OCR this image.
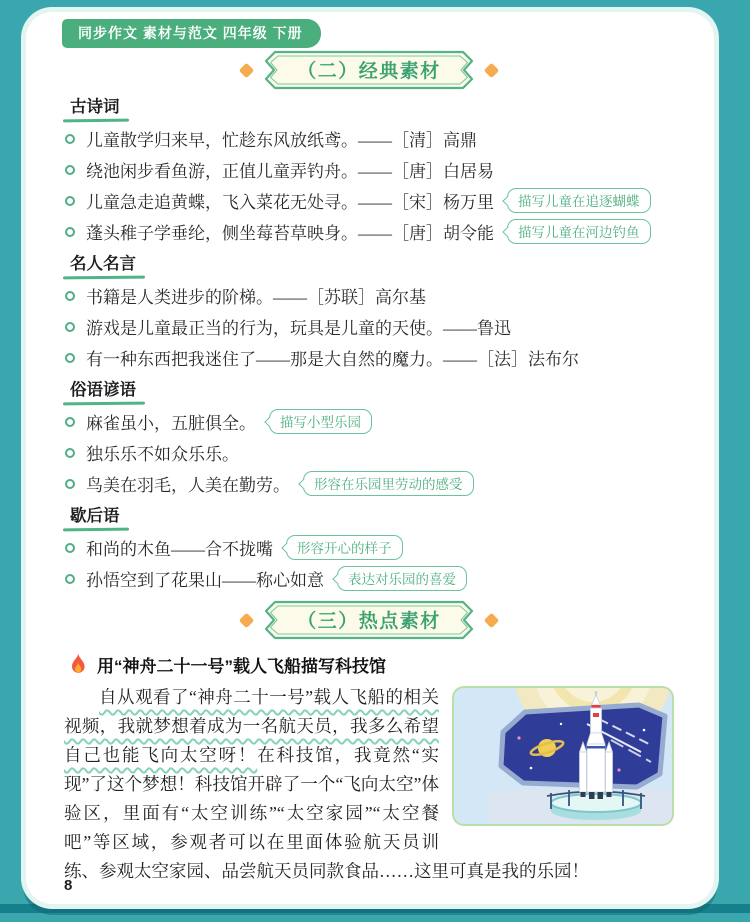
同步作文 素材与范文 四年级 下册
（二）经典素材
古诗词
儿童散学归来早，忙趁东风放纸鸢。——［清］高鼎
绕池闲步看鱼游，正值儿童弄钓舟。——［唐］白居易
儿童急走追黄蝶，飞入菜花无处寻。——［宋］杨万里	描写儿童在追逐蝴蝶
蓬头稚子学垂纶，侧坐莓苔草映身。——［唐］胡令能	描写儿童在河边钓鱼
名人名言
书籍是人类进步的阶梯。——［苏联］高尔基
游戏是儿童最正当的行为，玩具是儿童的天使。——鲁迅
有一种东西把我迷住了——那是大自然的魔力。——［法］法布尔
俗语谚语
麻雀虽小，五脏俱全。	描写小型乐园
独乐乐不如众乐乐。
鸟美在羽毛，人美在勤劳。	形容在乐园里劳动的感受
歇后语
和尚的木鱼——合不拢嘴	形容开心的样子
孙悟空到了花果山——称心如意	表达对乐园的喜爱
（三）热点素材
用“神舟二十一号”载人飞船描写科技馆
自从观看了“神舟二十一号”载人飞船的相关视频，我就梦想着成为一名航天员，我多么希望自己也能飞向太空呀！在科技馆，我竟然“实现”了这个梦想！科技馆开辟了一个“飞向太空”体验区，里面有“太空训练”“太空家园”“太空餐吧”等区域，参观者可以在里面体验航天员训练、参观太空家园、品尝航天员同款食品……这里可真是我的乐园！
8
